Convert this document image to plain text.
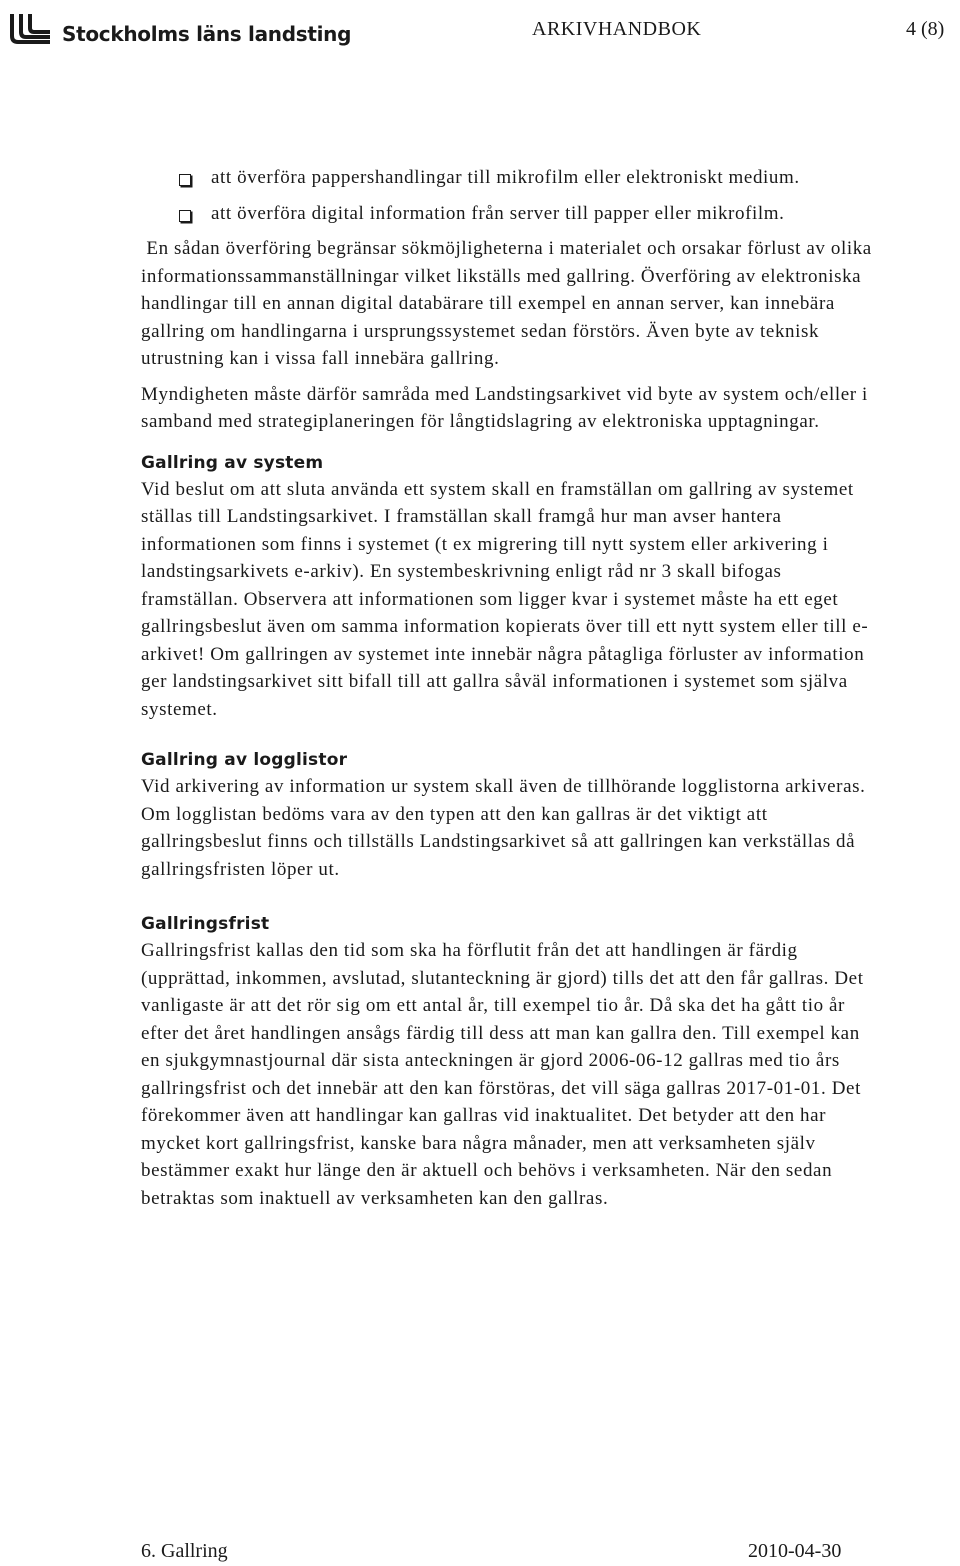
Stockholms läns landsting	ARKIVHANDBOK	4 (8)
att överföra pappershandlingar till mikrofilm eller elektroniskt medium.
att överföra digital information från server till papper eller mikrofilm.

En sådan överföring begränsar sökmöjligheterna i materialet och orsakar förlust av olika informationssammanställningar vilket likställs med gallring. Överföring av elektroniska handlingar till en annan digital databärare till exempel en annan server, kan innebära gallring om handlingarna i ursprungssystemet sedan förstörs. Även byte av teknisk utrustning kan i vissa fall innebära gallring.

Myndigheten måste därför samråda med Landstingsarkivet vid byte av system och/eller i samband med strategiplaneringen för långtidslagring av elektroniska upptagningar.

Gallring av system

Vid beslut om att sluta använda ett system skall en framställan om gallring av systemet ställas till Landstingsarkivet. I framställan skall framgå hur man avser hantera informationen som finns i systemet (t ex migrering till nytt system eller arkivering i landstingsarkivets e-arkiv). En systembeskrivning enligt råd nr 3 skall bifogas framställan. Observera att informationen som ligger kvar i systemet måste ha ett eget gallringsbeslut även om samma information kopierats över till ett nytt system eller till e-arkivet! Om gallringen av systemet inte innebär några påtagliga förluster av information ger landstingsarkivet sitt bifall till att gallra såväl informationen i systemet som själva systemet.

Gallring av logglistor

Vid arkivering av information ur system skall även de tillhörande logglistorna arkiveras. Om logglistan bedöms vara av den typen att den kan gallras är det viktigt att gallringsbeslut finns och tillställs Landstingsarkivet så att gallringen kan verkställas då gallringsfristen löper ut.

Gallringsfrist

Gallringsfrist kallas den tid som ska ha förflutit från det att handlingen är färdig (upprättad, inkommen, avslutad, slutanteckning är gjord) tills det att den får gallras. Det vanligaste är att det rör sig om ett antal år, till exempel tio år. Då ska det ha gått tio år efter det året handlingen ansågs färdig till dess att man kan gallra den. Till exempel kan en sjukgymnastjournal där sista anteckningen är gjord 2006-06-12 gallras med tio års gallringsfrist och det innebär att den kan förstöras, det vill säga gallras 2017-01-01. Det förekommer även att handlingar kan gallras vid inaktualitet. Det betyder att den har mycket kort gallringsfrist, kanske bara några månader, men att verksamheten själv bestämmer exakt hur länge den är aktuell och behövs i verksamheten. När den sedan betraktas som inaktuell av verksamheten kan den gallras.

6. Gallring	2010-04-30
